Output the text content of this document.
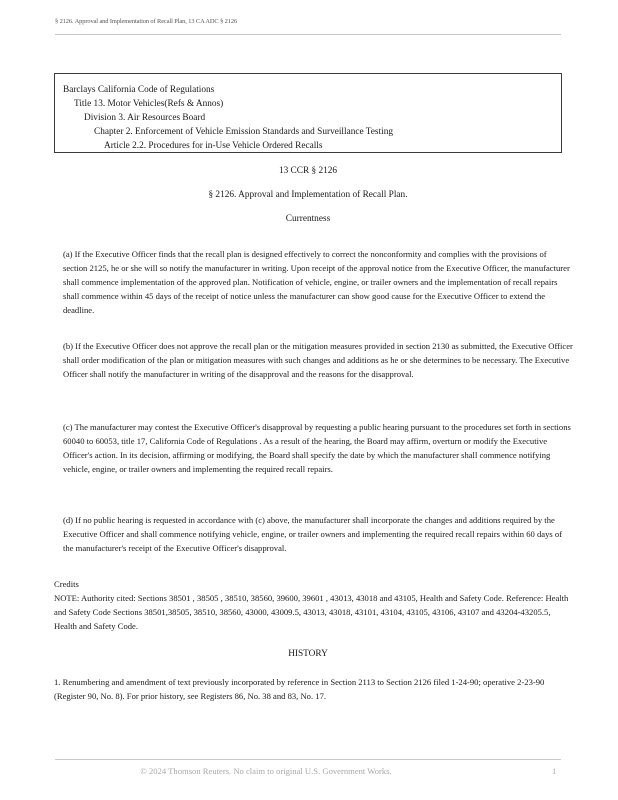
§ 2126. Approval and Implementation of Recall Plan, 13 CA ADC § 2126
Barclays California Code of Regulations
Title 13. Motor Vehicles(Refs & Annos)
Division 3. Air Resources Board
Chapter 2. Enforcement of Vehicle Emission Standards and Surveillance Testing
Article 2.2. Procedures for in-Use Vehicle Ordered Recalls
13 CCR § 2126
§ 2126. Approval and Implementation of Recall Plan.
Currentness
(a) If the Executive Officer finds that the recall plan is designed effectively to correct the nonconformity and complies with the provisions of section 2125, he or she will so notify the manufacturer in writing. Upon receipt of the approval notice from the Executive Officer, the manufacturer shall commence implementation of the approved plan. Notification of vehicle, engine, or trailer owners and the implementation of recall repairs shall commence within 45 days of the receipt of notice unless the manufacturer can show good cause for the Executive Officer to extend the deadline.
(b) If the Executive Officer does not approve the recall plan or the mitigation measures provided in section 2130 as submitted, the Executive Officer shall order modification of the plan or mitigation measures with such changes and additions as he or she determines to be necessary. The Executive Officer shall notify the manufacturer in writing of the disapproval and the reasons for the disapproval.
(c) The manufacturer may contest the Executive Officer's disapproval by requesting a public hearing pursuant to the procedures set forth in sections 60040 to 60053, title 17, California Code of Regulations . As a result of the hearing, the Board may affirm, overturn or modify the Executive Officer's action. In its decision, affirming or modifying, the Board shall specify the date by which the manufacturer shall commence notifying vehicle, engine, or trailer owners and implementing the required recall repairs.
(d) If no public hearing is requested in accordance with (c) above, the manufacturer shall incorporate the changes and additions required by the Executive Officer and shall commence notifying vehicle, engine, or trailer owners and implementing the required recall repairs within 60 days of the manufacturer's receipt of the Executive Officer's disapproval.
Credits
NOTE: Authority cited: Sections 38501 , 38505 , 38510, 38560, 39600, 39601 , 43013, 43018 and 43105, Health and Safety Code. Reference: Health and Safety Code Sections 38501,38505, 38510, 38560, 43000, 43009.5, 43013, 43018, 43101, 43104, 43105, 43106, 43107 and 43204-43205.5, Health and Safety Code.
HISTORY
1. Renumbering and amendment of text previously incorporated by reference in Section 2113 to Section 2126 filed 1-24-90; operative 2-23-90 (Register 90, No. 8). For prior history, see Registers 86, No. 38 and 83, No. 17.
© 2024 Thomson Reuters. No claim to original U.S. Government Works.	1
